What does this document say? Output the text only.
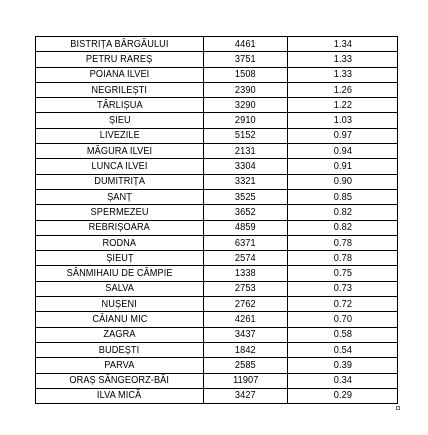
BISTRIȚA BÂRGĂULUI	4461	1.34
PETRU RAREȘ	3751	1.33
POIANA ILVEI	1508	1.33
NEGRILEȘTI	2390	1.26
TÂRLIȘUA	3290	1.22
ȘIEU	2910	1.03
LIVEZILE	5152	0.97
MĂGURA ILVEI	2131	0.94
LUNCA ILVEI	3304	0.91
DUMITRIȚA	3321	0.90
ȘANȚ	3525	0.85
SPERMEZEU	3652	0.82
REBRIȘOARA	4859	0.82
RODNA	6371	0.78
ȘIEUȚ	2574	0.78
SÂNMIHAIU DE CÂMPIE	1338	0.75
SALVA	2753	0.73
NUȘENI	2762	0.72
CĂIANU MIC	4261	0.70
ZAGRA	3437	0.58
BUDEȘTI	1842	0.54
PARVA	2585	0.39
ORAȘ SÂNGEORZ-BĂI	11907	0.34
ILVA MICĂ	3427	0.29
